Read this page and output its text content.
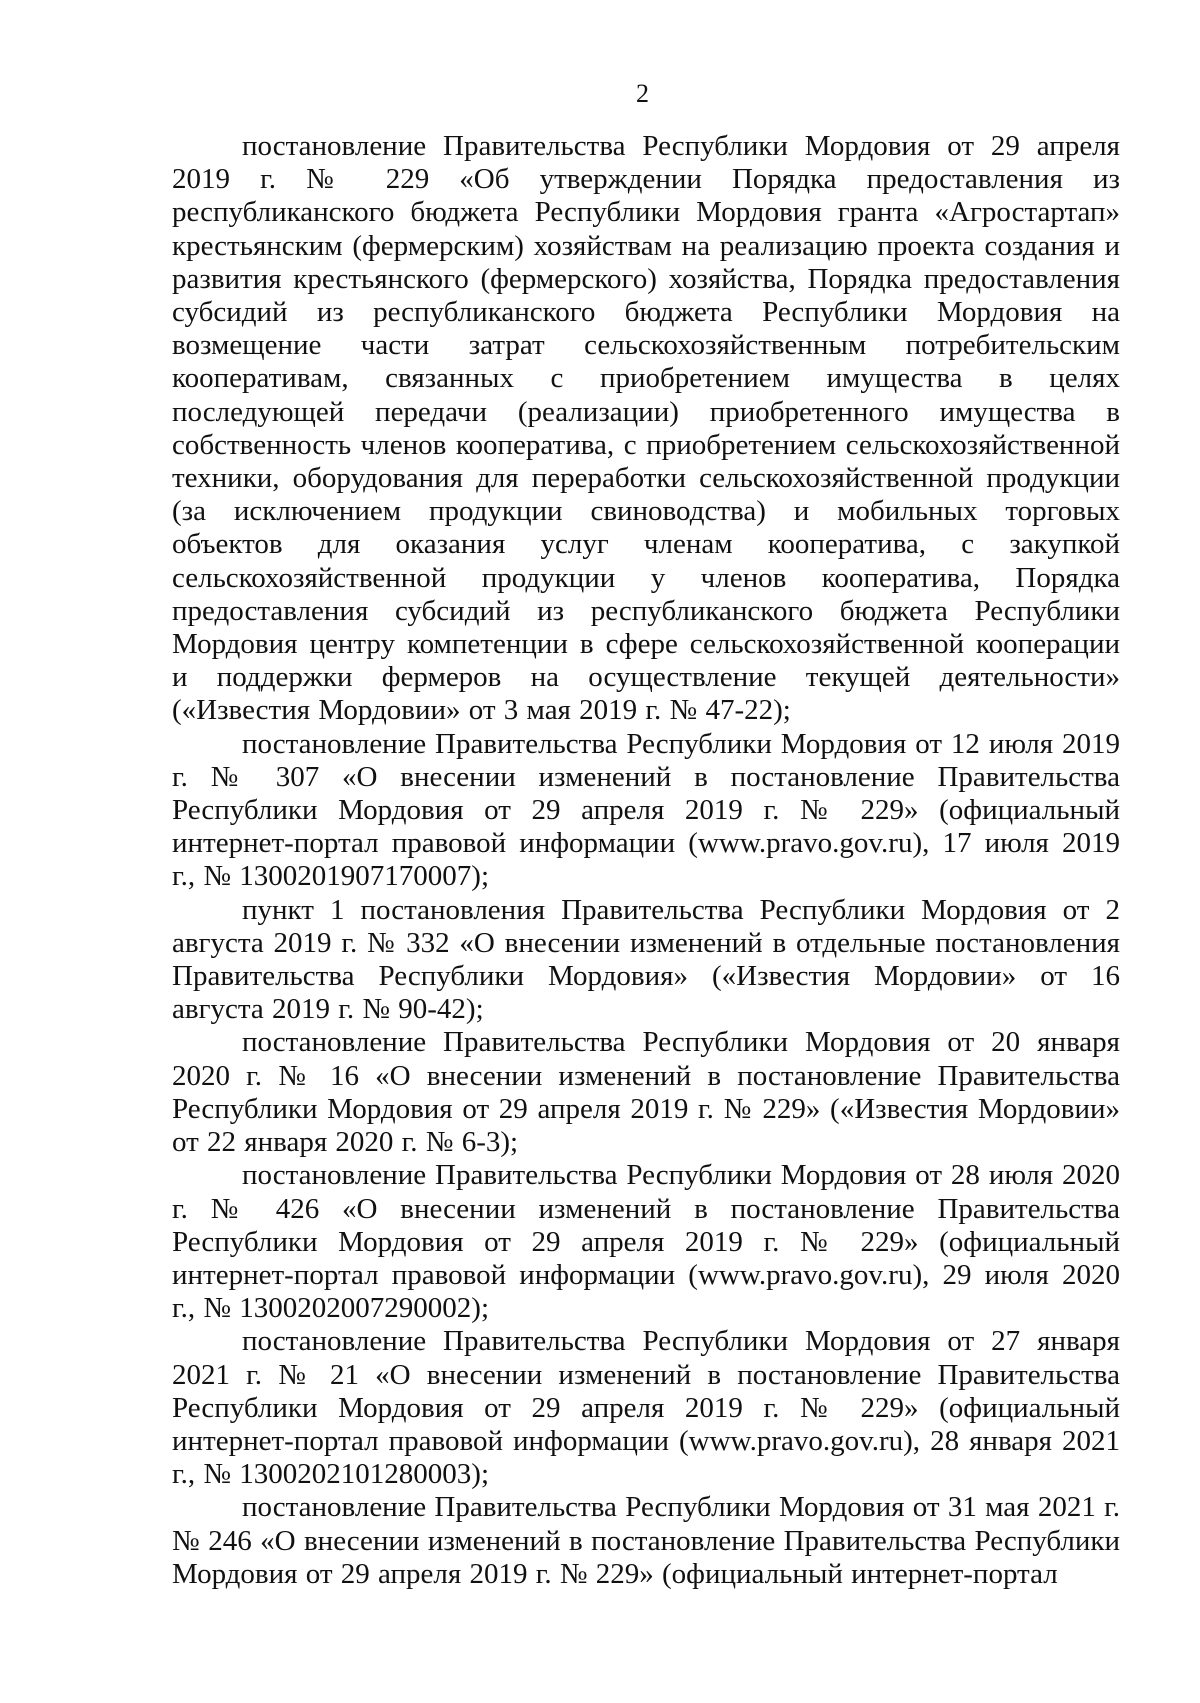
2

постановление Правительства Республики Мордовия от 29 апреля 2019 г. № 229 «Об утверждении Порядка предоставления из республиканского бюджета Республики Мордовия гранта «Агростартап» крестьянским (фермерским) хозяйствам на реализацию проекта создания и развития крестьянского (фермерского) хозяйства, Порядка предоставления субсидий из республиканского бюджета Республики Мордовия на возмещение части затрат сельскохозяйственным потребительским кооперативам, связанных с приобретением имущества в целях последующей передачи (реализации) приобретенного имущества в собственность членов кооператива, с приобретением сельскохозяйственной техники, оборудования для переработки сельскохозяйственной продукции (за исключением продукции свиноводства) и мобильных торговых объектов для оказания услуг членам кооператива, с закупкой сельскохозяйственной продукции у членов кооператива, Порядка предоставления субсидий из республиканского бюджета Республики Мордовия центру компетенции в сфере сельскохозяйственной кооперации и поддержки фермеров на осуществление текущей деятельности» («Известия Мордовии» от 3 мая 2019 г. № 47-22);

постановление Правительства Республики Мордовия от 12 июля 2019 г. № 307 «О внесении изменений в постановление Правительства Республики Мордовия от 29 апреля 2019 г. № 229» (официальный интернет-портал правовой информации (www.pravo.gov.ru), 17 июля 2019 г., № 1300201907170007);

пункт 1 постановления Правительства Республики Мордовия от 2 августа 2019 г. № 332 «О внесении изменений в отдельные постановления Правительства Республики Мордовия» («Известия Мордовии» от 16 августа 2019 г. № 90-42);

постановление Правительства Республики Мордовия от 20 января 2020 г. № 16 «О внесении изменений в постановление Правительства Республики Мордовия от 29 апреля 2019 г. № 229» («Известия Мордовии» от 22 января 2020 г. № 6-3);

постановление Правительства Республики Мордовия от 28 июля 2020 г. № 426 «О внесении изменений в постановление Правительства Республики Мордовия от 29 апреля 2019 г. № 229» (официальный интернет-портал правовой информации (www.pravo.gov.ru), 29 июля 2020 г., № 1300202007290002);

постановление Правительства Республики Мордовия от 27 января 2021 г. № 21 «О внесении изменений в постановление Правительства Республики Мордовия от 29 апреля 2019 г. № 229» (официальный интернет-портал правовой информации (www.pravo.gov.ru), 28 января 2021 г., № 1300202101280003);

постановление Правительства Республики Мордовия от 31 мая 2021 г. № 246 «О внесении изменений в постановление Правительства Республики Мордовия от 29 апреля 2019 г. № 229» (официальный интернет-портал
